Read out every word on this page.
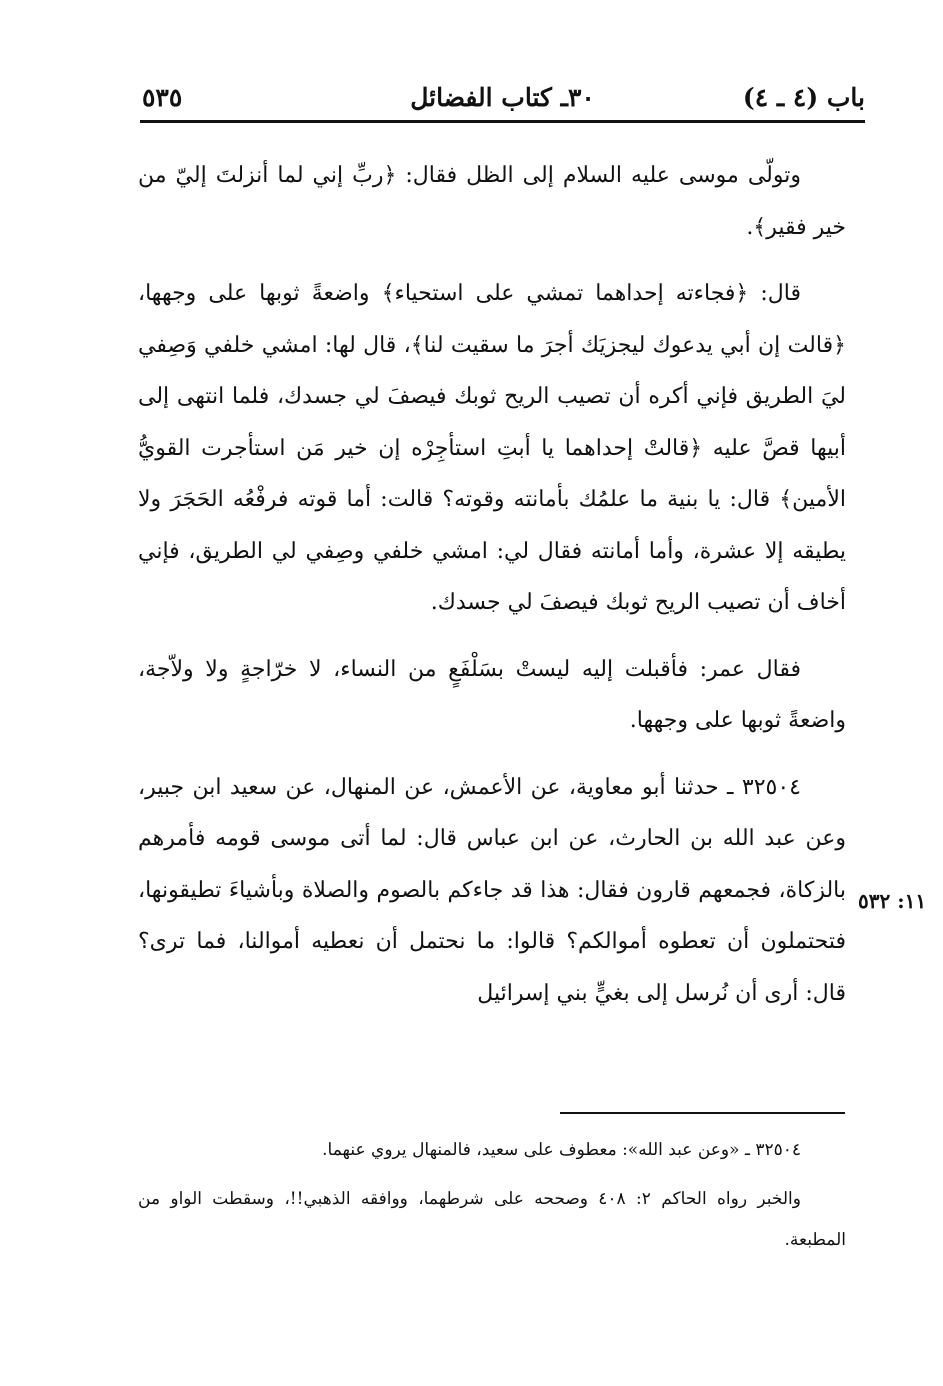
باب (٤ ـ ٤)
٣٠ـ كتاب الفضائل
٥٣٥

وتولّى موسى عليه السلام إلى الظل فقال: ﴿ربِّ إني لما أنزلتَ إليّ من خير فقير﴾.

قال: ﴿فجاءته إحداهما تمشي على استحياء﴾ واضعةً ثوبها على وجهها، ﴿قالت إن أبي يدعوك ليجزيَك أجرَ ما سقيت لنا﴾، قال لها: امشي خلفي وَصِفي ليَ الطريق فإني أكره أن تصيب الريح ثوبك فيصفَ لي جسدك، فلما انتهى إلى أبيها قصَّ عليه ﴿قالتْ إحداهما يا أبتِ استأجِرْه إن خير مَن استأجرت القويُّ الأمين﴾ قال: يا بنية ما علمُك بأمانته وقوته؟ قالت: أما قوته فرفْعُه الحَجَرَ ولا يطيقه إلا عشرة، وأما أمانته فقال لي: امشي خلفي وصِفي لي الطريق، فإني أخاف أن تصيب الريح ثوبك فيصفَ لي جسدك.

فقال عمر: فأقبلت إليه ليستْ بسَلْفَعٍ من النساء، لا خرّاجةٍ ولا ولاّجة، واضعةً ثوبها على وجهها.

٣٢٥٠٤ ـ حدثنا أبو معاوية، عن الأعمش، عن المنهال، عن سعيد ابن جبير، وعن عبد الله بن الحارث، عن ابن عباس قال: لما أتى موسى قومه فأمرهم بالزكاة، فجمعهم قارون فقال: هذا قد جاءكم بالصوم والصلاة وبأشياءَ تطيقونها، فتحتملون أن تعطوه أموالكم؟ قالوا: ما نحتمل أن نعطيه أموالنا، فما ترى؟ قال: أرى أن نُرسل إلى بغيٍّ بني إسرائيل

١١: ٥٣٢

٣٢٥٠٤ ـ «وعن عبد الله»: معطوف على سعيد، فالمنهال يروي عنهما.

والخبر رواه الحاكم ٢: ٤٠٨ وصححه على شرطهما، ووافقه الذهبي!!، وسقطت الواو من المطبعة.
